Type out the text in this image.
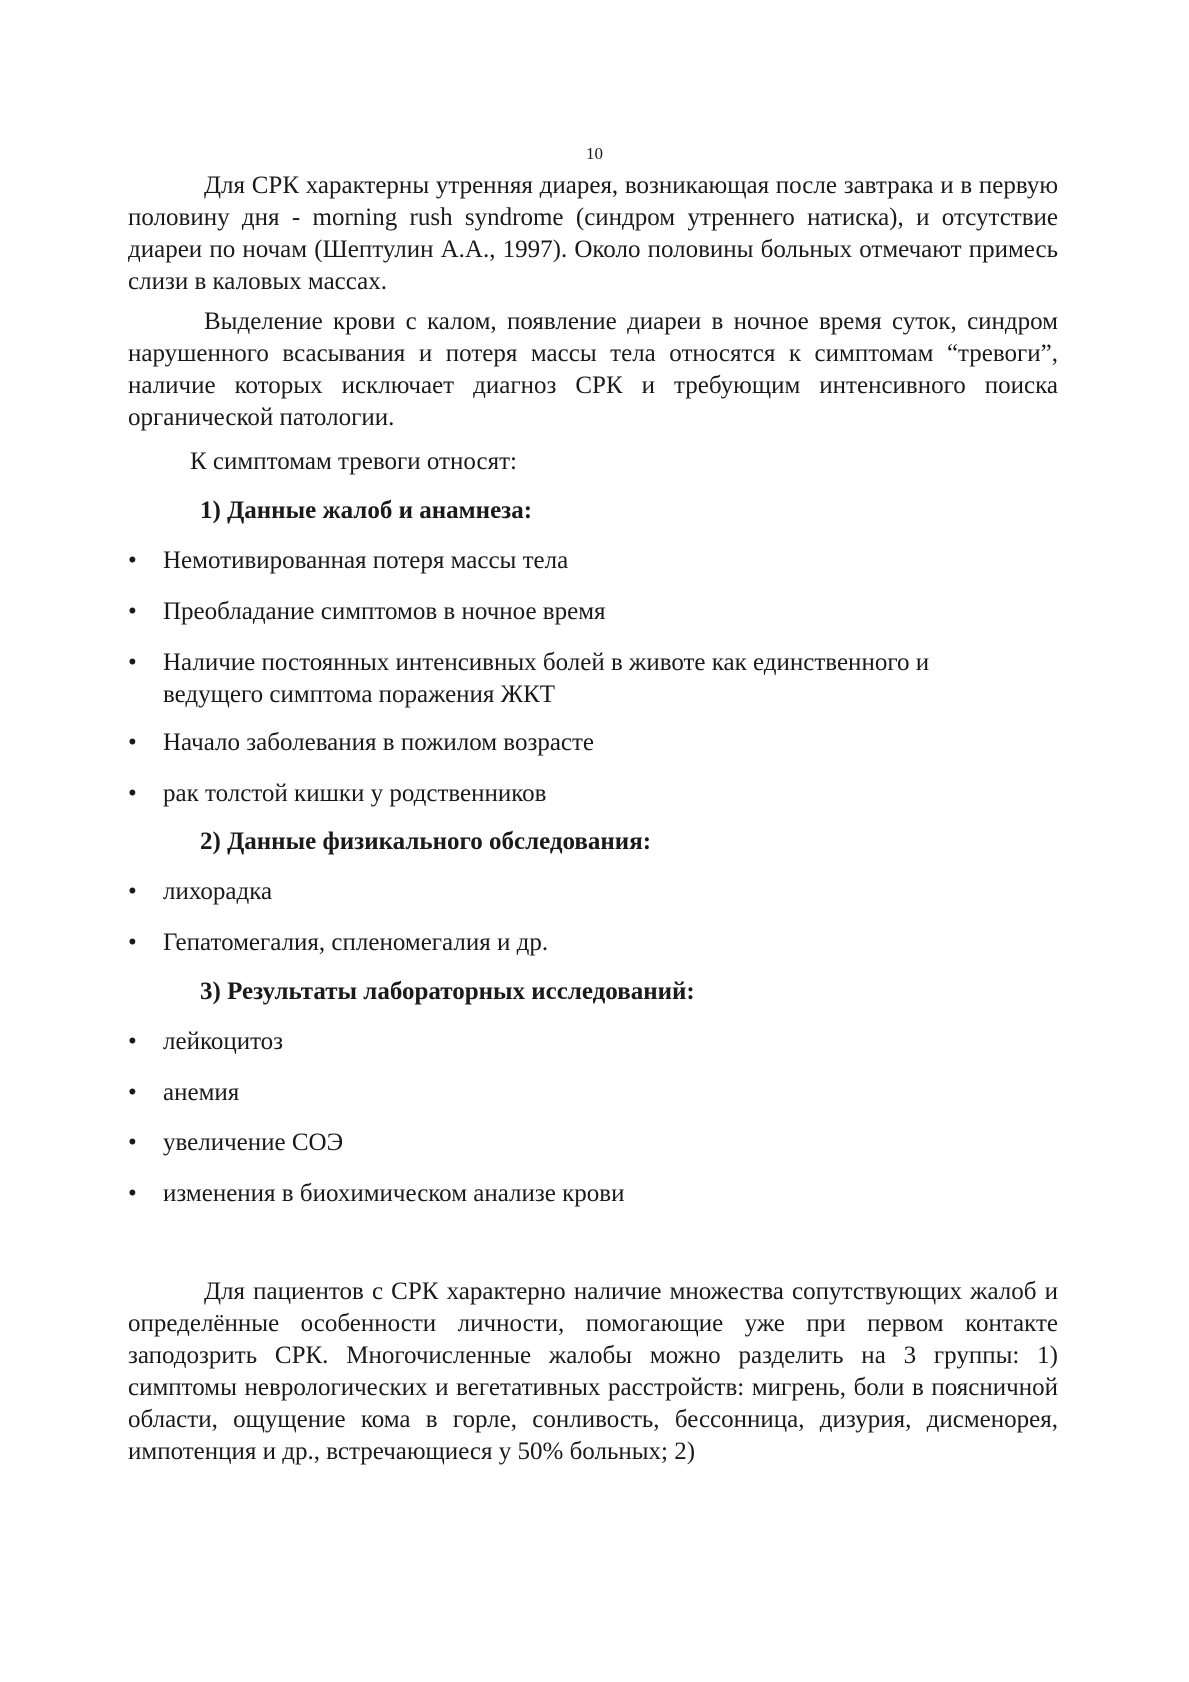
10

Для СРК характерны утренняя диарея, возникающая после завтрака и в первую половину дня - morning rush syndrome (синдром утреннего натиска), и отсутствие диареи по ночам (Шептулин А.А., 1997). Около половины больных отмечают примесь слизи в каловых массах.

Выделение крови с калом, появление диареи в ночное время суток, синдром нарушенного всасывания и потеря массы тела относятся к симптомам “тревоги”, наличие которых исключает диагноз СРК и требующим интенсивного поиска органической патологии.

К симптомам тревоги относят:

1) Данные жалоб и анамнеза:

•	Немотивированная потеря массы тела
•	Преобладание симптомов в ночное время
•	Наличие постоянных интенсивных болей в животе как единственного и ведущего симптома поражения ЖКТ
•	Начало заболевания в пожилом возрасте
•	рак толстой кишки у родственников

2) Данные физикального обследования:

•	лихорадка
•	Гепатомегалия, спленомегалия и др.

3) Результаты лабораторных исследований:

•	лейкоцитоз
•	анемия
•	увеличение СОЭ
•	изменения в биохимическом анализе крови

Для пациентов с СРК характерно наличие множества сопутствующих жалоб и определённые особенности личности, помогающие уже при первом контакте заподозрить СРК. Многочисленные жалобы можно разделить на 3 группы: 1) симптомы неврологических и вегетативных расстройств: мигрень, боли в поясничной области, ощущение кома в горле, сонливость, бессонница, дизурия, дисменорея, импотенция и др., встречающиеся у 50% больных; 2)
